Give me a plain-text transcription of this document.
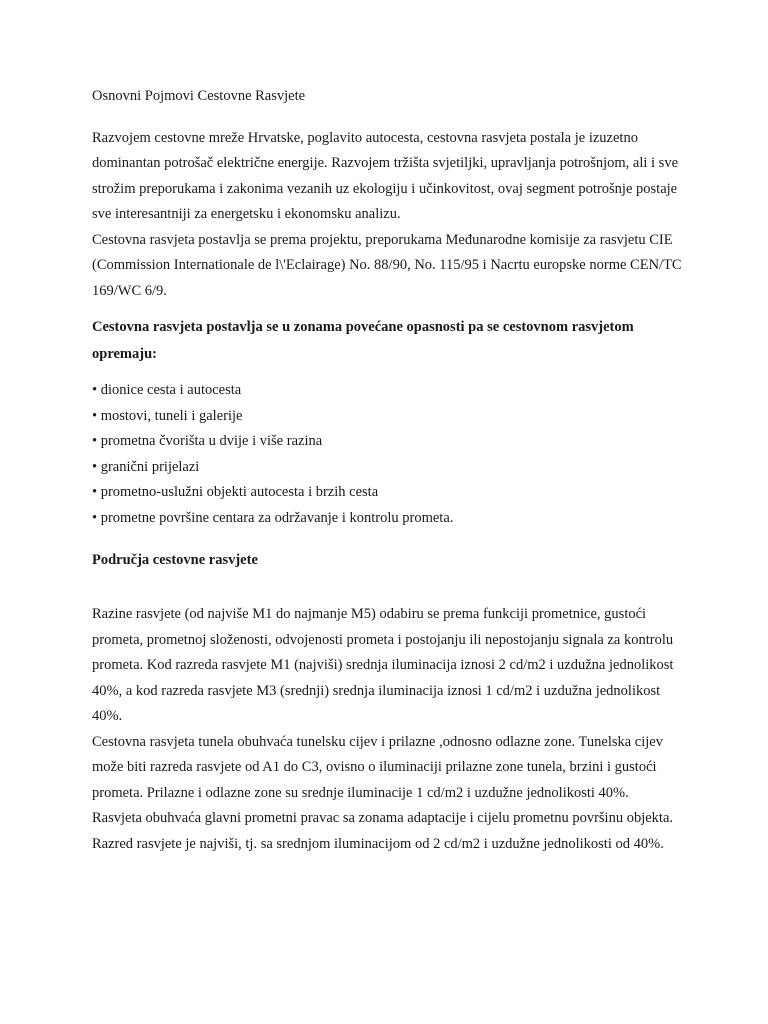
Osnovni Pojmovi Cestovne Rasvjete

Razvojem cestovne mreže Hrvatske, poglavito autocesta, cestovna rasvjeta postala je izuzetno dominantan potrošač električne energije. Razvojem tržišta svjetiljki, upravljanja potrošnjom, ali i sve strožim preporukama i zakonima vezanih uz ekologiju i učinkovitost, ovaj segment potrošnje postaje sve interesantniji za energetsku i ekonomsku analizu.

Cestovna rasvjeta postavlja se prema projektu, preporukama Međunarodne komisije za rasvjetu CIE (Commission Internationale de l\'Eclairage) No. 88/90, No. 115/95 i Nacrtu europske norme CEN/TC 169/WC 6/9.

Cestovna rasvjeta postavlja se u zonama povećane opasnosti pa se cestovnom rasvjetom opremaju:

• dionice cesta i autocesta
• mostovi, tuneli i galerije
• prometna čvorišta u dvije i više razina
• granični prijelazi
• prometno-uslužni objekti autocesta i brzih cesta
• prometne površine centara za održavanje i kontrolu prometa.

Područja cestovne rasvjete

Razine rasvjete (od najviše M1 do najmanje M5) odabiru se prema funkciji prometnice, gustoći prometa, prometnoj složenosti, odvojenosti prometa i postojanju ili nepostojanju signala za kontrolu prometa. Kod razreda rasvjete M1 (najviši) srednja iluminacija iznosi 2 cd/m2 i uzdužna jednolikost 40%, a kod razreda rasvjete M3 (srednji) srednja iluminacija iznosi 1 cd/m2 i uzdužna jednolikost 40%.

Cestovna rasvjeta tunela obuhvaća tunelsku cijev i prilazne ,odnosno odlazne zone. Tunelska cijev može biti razreda rasvjete od A1 do C3, ovisno o iluminaciji prilazne zone tunela, brzini i gustoći prometa. Prilazne i odlazne zone su srednje iluminacije 1 cd/m2 i uzdužne jednolikosti 40%.

Rasvjeta obuhvaća glavni prometni pravac sa zonama adaptacije i cijelu prometnu površinu objekta. Razred rasvjete je najviši, tj. sa srednjom iluminacijom od 2 cd/m2 i uzdužne jednolikosti od 40%.
